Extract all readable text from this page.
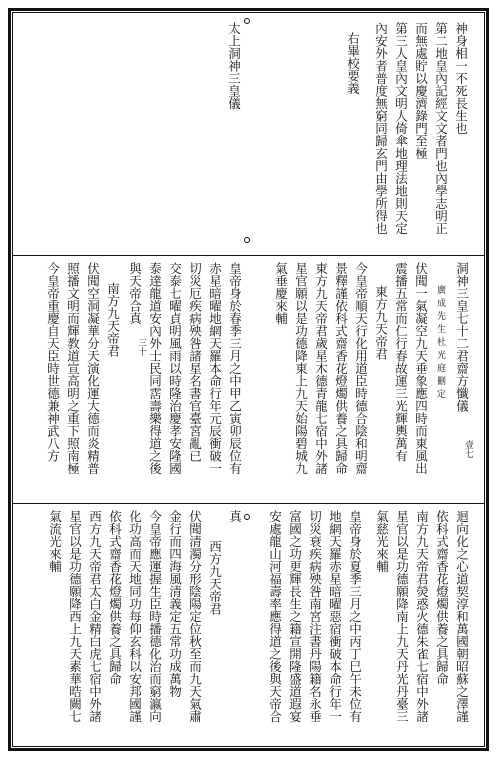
神身相一不死長生也
第二地皇內記經文文者門也內學志明正
而無處貯以慶濟錄門至極
第三人皇內文明人倚傘地理法地則天定
內安外者普度無窮同歸玄門由學所得也
右畢校要義
太上洞神三皇儀
洞神三皇七十二君齋方懺儀
壹七
廣成先生杜光庭刪定
伏聞一氣凝空九天垂象應四時而東風出
震播五常而仁行春故運三光輝輿萬有
東方九天帝君
今皇帝順天行化用道臣時德合陰和明齋
景釋謹依科式齋香花燈燭供養之具歸命
東方九天帝君歲星木德青龍七宿中外諸
星官願以是功德降東上九天始陽碧城九
氣垂慶來輔
皇帝身於春季三月之中甲乙寅卯辰位有
赤星暗曜地網天羅本命行年元辰衝破一
切災厄疾病殃咎諸星名書官臺宮亂已
交泰七曜貞明風雨以時隆治慶孝安隆國
泰達龍道安內外士民同霑壽樂得道之後
與天帝合真
三十
南方九天帝君
伏聞空洞凝華分天演化運大德而炎精普
照播文明而輝教道宣高明之重下照南極
今皇帝重慶自天臣時世德兼神武八方
迴向化之心道契淳和萬國朝昭蘇之澤謹
依科式齋香花燈燭供養之具歸命
南方九天帝君熒惑火德朱雀七宿中外諸
星官以是功德願降南上九天丹光丹臺三
氣慈光來輔
皇帝身於夏季三月之中丙丁巳午未位有
地網天羅赤星暗曜惡宿衝破本命行年一
切災衰疾病殃咎南宮注書丹陽籍名永垂
富國之功更輝長生之籍宣開隆盛道遐宴
安處龍山河福壽率應得道之後與天帝合
真
西方九天帝君
伏聞清濁分形陰陽定位秋至而九天氣肅
金行而四海風清義定五常功成萬物
今皇帝應運握生臣時播德化治而窮瀛向
化功高而天地同功每仰玄科以安邦國謹
依科式齋香花燈燭供養之具歸命
西方九天帝君太白金精白虎七宿中外諸
星官以是功德願降西上九天素華晧闕七
氣流光來輔
